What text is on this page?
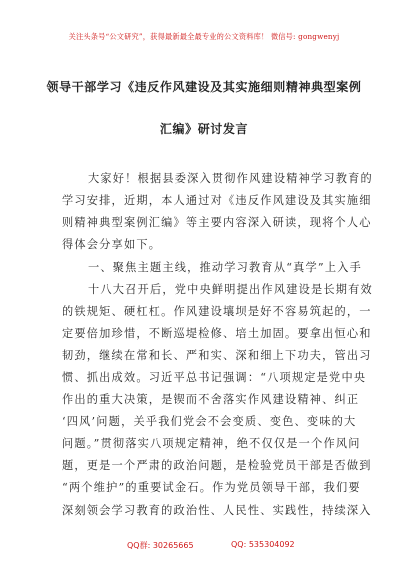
关注头条号“公文研究”，获得最新最全最专业的公文资料库！ 微信号: gongwenyj
领导干部学习《违反作风建设及其实施细则精神典型案例
汇编》研讨发言
大家好！根据县委深入贯彻作风建设精神学习教育的
学习安排，近期，本人通过对《违反作风建设及其实施细
则精神典型案例汇编》等主要内容深入研读，现将个人心
得体会分享如下。
一、聚焦主题主线，推动学习教育从“真学”上入手
十八大召开后，党中央鲜明提出作风建设是长期有效
的铁规矩、硬杠杠。作风建设壤坝是好不容易筑起的，一
定要倍加珍惜，不断巡堤检修、培土加固。要拿出恒心和
韧劲，继续在常和长、严和实、深和细上下功夫，管出习
惯、抓出成效。习近平总书记强调：“八项规定是党中央
作出的重大决策，是锲而不舍落实作风建设精神、纠正
‘四风’问题，关乎我们党会不会变质、变色、变味的大
问题。”贯彻落实八项规定精神，绝不仅仅是一个作风问
题，更是一个严肃的政治问题，是检验党员干部是否做到
“两个维护”的重要试金石。作为党员领导干部，我们要
深刻领会学习教育的政治性、人民性、实践性，持续深入
QQ群: 30265665	QQ: 535304092
